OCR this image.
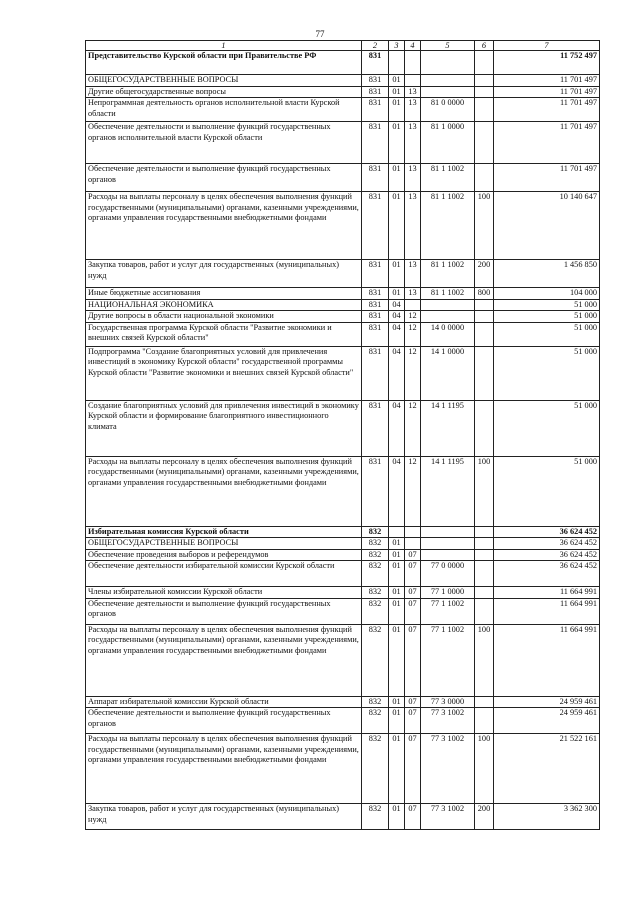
77
1	2	3	4	5	6	7
Представительство Курской области при Правительстве РФ	831					11 752 497
ОБЩЕГОСУДАРСТВЕННЫЕ ВОПРОСЫ	831	01				11 701 497
Другие общегосударственные вопросы	831	01	13			11 701 497
Непрограммная деятельность органов исполнительной власти Курской области	831	01	13	81 0 0000		11 701 497
Обеспечение деятельности и выполнение функций государственных органов исполнительной власти Курской области	831	01	13	81 1 0000		11 701 497
Обеспечение деятельности и выполнение функций государственных органов	831	01	13	81 1 1002		11 701 497
Расходы на выплаты персоналу в целях обеспечения выполнения функций государственными (муниципальными) органами, казенными учреждениями, органами управления государственными внебюджетными фондами	831	01	13	81 1 1002	100	10 140 647
Закупка товаров, работ и услуг для государственных (муниципальных) нужд	831	01	13	81 1 1002	200	1 456 850
Иные бюджетные ассигнования	831	01	13	81 1 1002	800	104 000
НАЦИОНАЛЬНАЯ ЭКОНОМИКА	831	04				51 000
Другие вопросы в области национальной экономики	831	04	12			51 000
Государственная программа Курской области "Развитие экономики и внешних связей Курской области"	831	04	12	14 0 0000		51 000
Подпрограмма "Создание благоприятных условий для привлечения инвестиций в экономику Курской области" государственной программы Курской области "Развитие экономики и внешних связей Курской области"	831	04	12	14 1 0000		51 000
Создание благоприятных условий для привлечения инвестиций в экономику Курской области и формирование благоприятного инвестиционного климата	831	04	12	14 1 1195		51 000
Расходы на выплаты персоналу в целях обеспечения выполнения функций государственными (муниципальными) органами, казенными учреждениями, органами управления государственными внебюджетными фондами	831	04	12	14 1 1195	100	51 000
Избирательная комиссия Курской области	832					36 624 452
ОБЩЕГОСУДАРСТВЕННЫЕ ВОПРОСЫ	832	01				36 624 452
Обеспечение проведения выборов и референдумов	832	01	07			36 624 452
Обеспечение деятельности избирательной комиссии Курской области	832	01	07	77 0 0000		36 624 452
Члены избирательной комиссии Курской области	832	01	07	77 1 0000		11 664 991
Обеспечение деятельности и выполнение функций государственных органов	832	01	07	77 1 1002		11 664 991
Расходы на выплаты персоналу в целях обеспечения выполнения функций государственными (муниципальными) органами, казенными учреждениями, органами управления государственными внебюджетными фондами	832	01	07	77 1 1002	100	11 664 991
Аппарат избирательной комиссии Курской области	832	01	07	77 3 0000		24 959 461
Обеспечение деятельности и выполнение функций государственных органов	832	01	07	77 3 1002		24 959 461
Расходы на выплаты персоналу в целях обеспечения выполнения функций государственными (муниципальными) органами, казенными учреждениями, органами управления государственными внебюджетными фондами	832	01	07	77 3 1002	100	21 522 161
Закупка товаров, работ и услуг для государственных (муниципальных) нужд	832	01	07	77 3 1002	200	3 362 300
